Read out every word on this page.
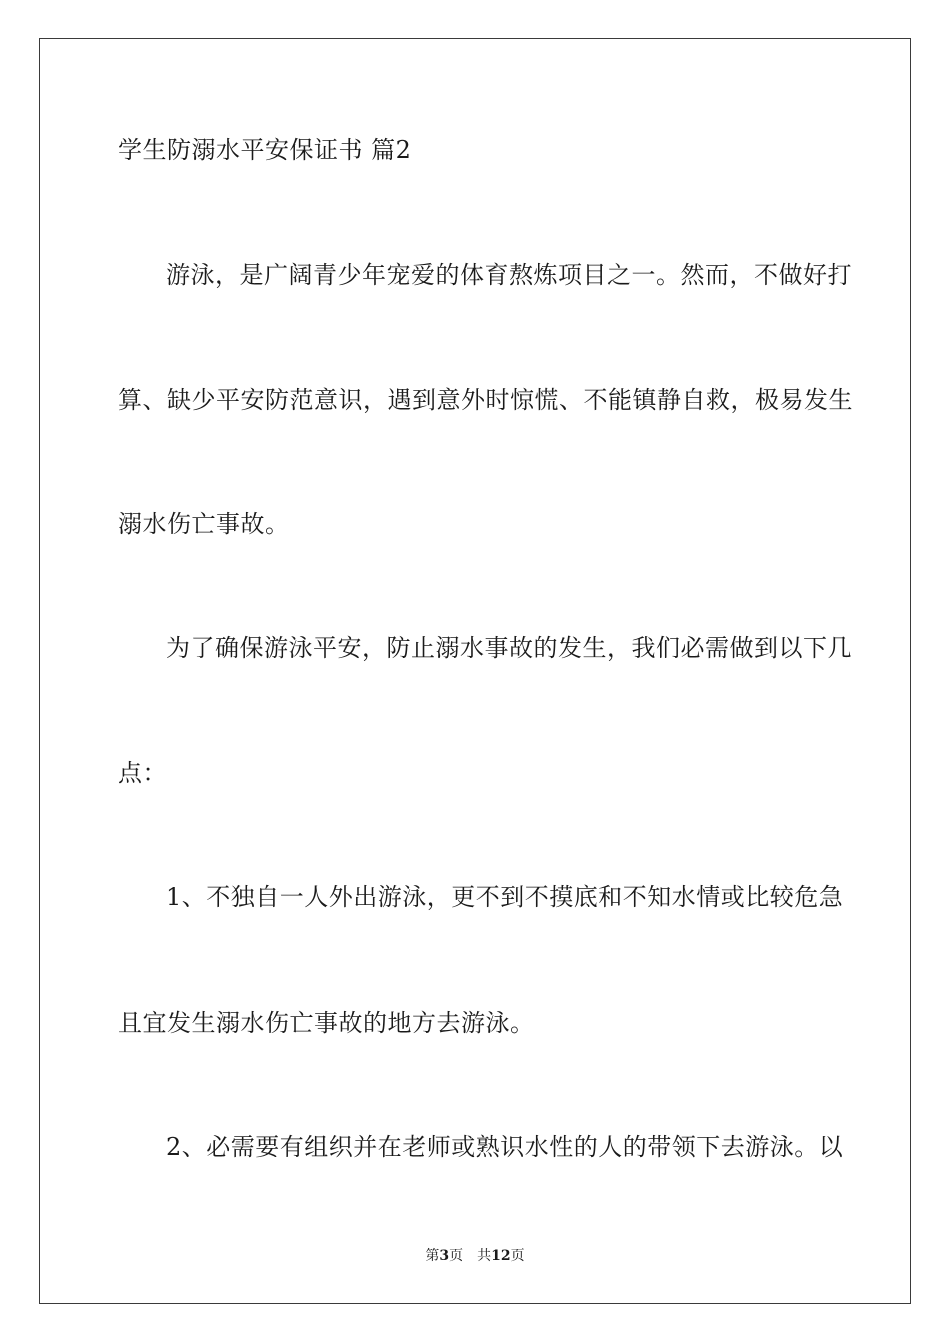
学生防溺水平安保证书 篇2
游泳，是广阔青少年宠爱的体育熬炼项目之一。然而，不做好打
算、缺少平安防范意识，遇到意外时惊慌、不能镇静自救，极易发生
溺水伤亡事故。
为了确保游泳平安，防止溺水事故的发生，我们必需做到以下几
点：
1、不独自一人外出游泳，更不到不摸底和不知水情或比较危急
且宜发生溺水伤亡事故的地方去游泳。
2、必需要有组织并在老师或熟识水性的人的带领下去游泳。以
第3页 共12页
